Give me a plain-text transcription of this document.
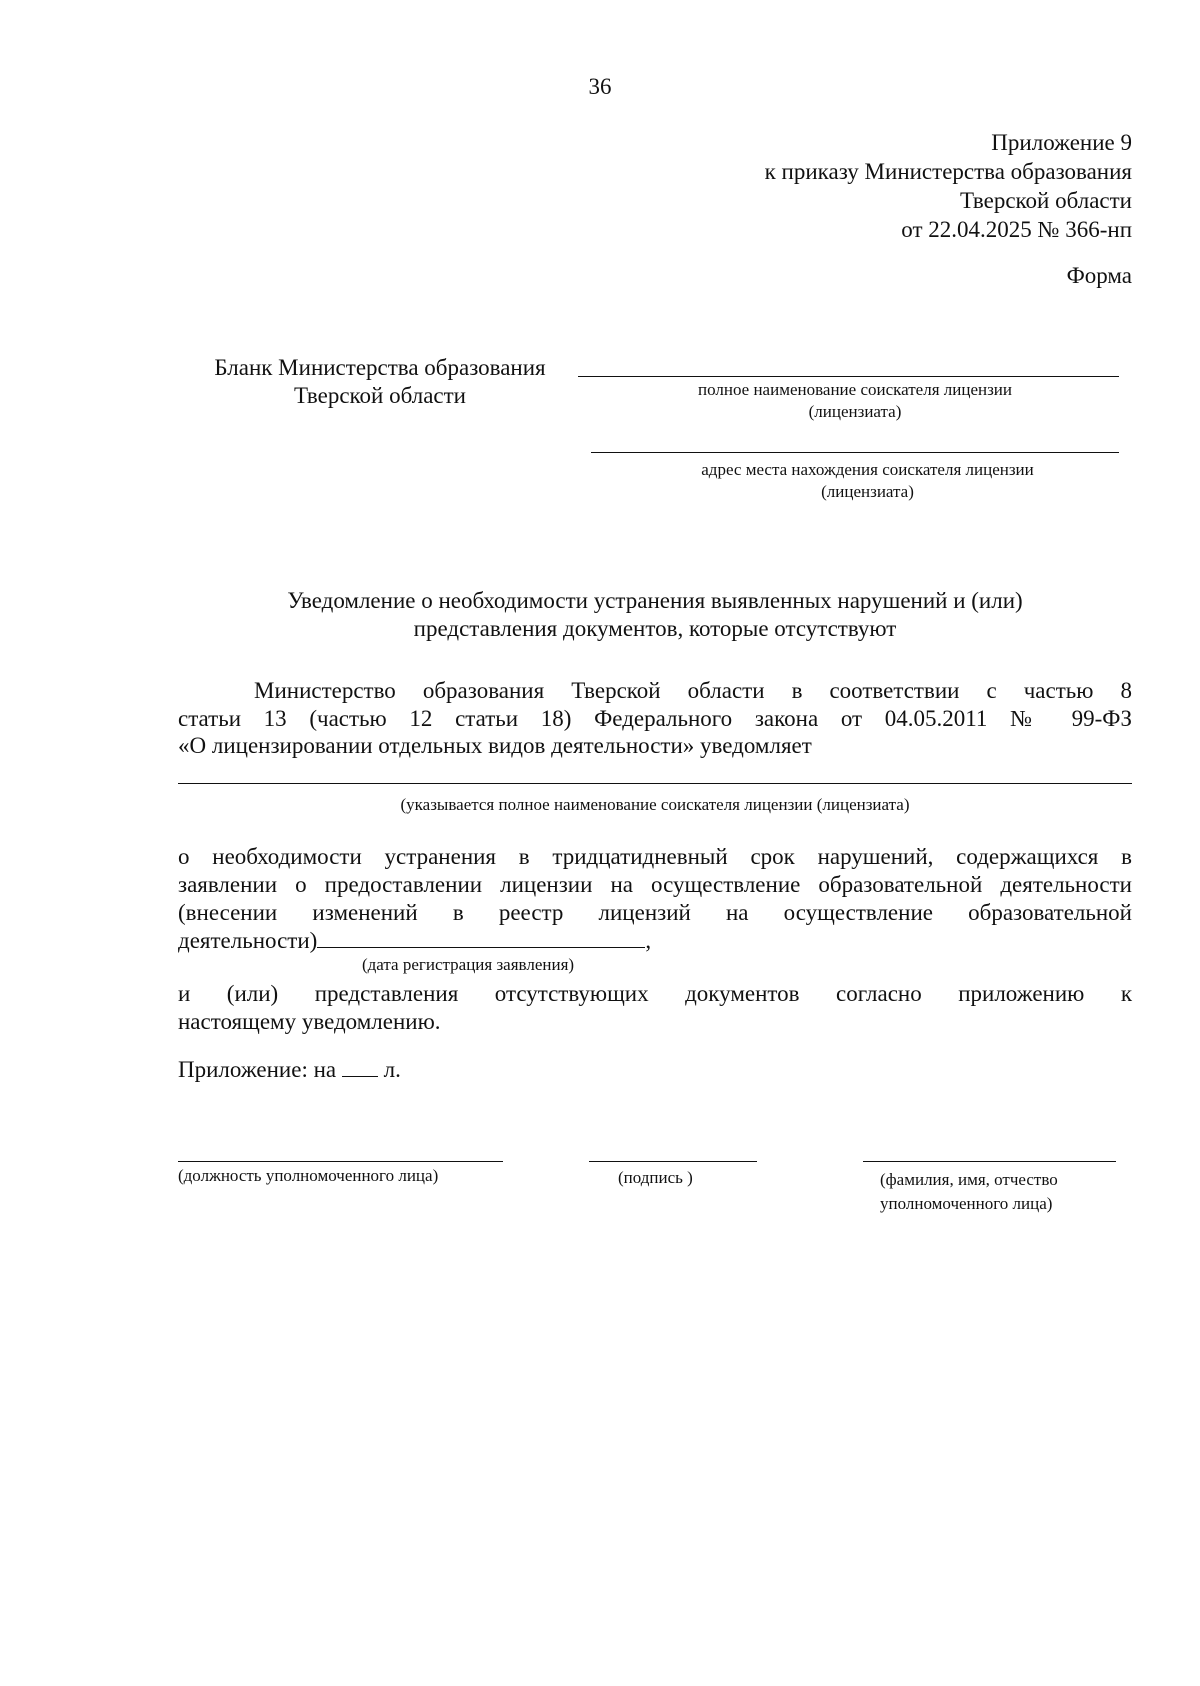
36
Приложение 9
к приказу Министерства образования
Тверской области
от 22.04.2025 № 366-нп
Форма
Бланк Министерства образования
Тверской области	полное наименование соискателя лицензии
(лицензиата)
адрес места нахождения соискателя лицензии
(лицензиата)
Уведомление о необходимости устранения выявленных нарушений и (или)
представления документов, которые отсутствуют
Министерство образования Тверской области в соответствии с частью 8
статьи 13 (частью 12 статьи 18) Федерального закона от 04.05.2011 № 99-ФЗ
«О лицензировании отдельных видов деятельности» уведомляет
(указывается полное наименование соискателя лицензии (лицензиата)
о необходимости устранения в тридцатидневный срок нарушений, содержащихся в
заявлении о предоставлении лицензии на осуществление образовательной деятельности
(внесении изменений в реестр лицензий на осуществление образовательной
деятельности)	,
(дата регистрация заявления)
и (или) представления отсутствующих документов согласно приложению к
настоящему уведомлению.
Приложение: на л.
(должность уполномоченного лица)	(подпись )	(фамилия, имя, отчество
уполномоченного лица)
